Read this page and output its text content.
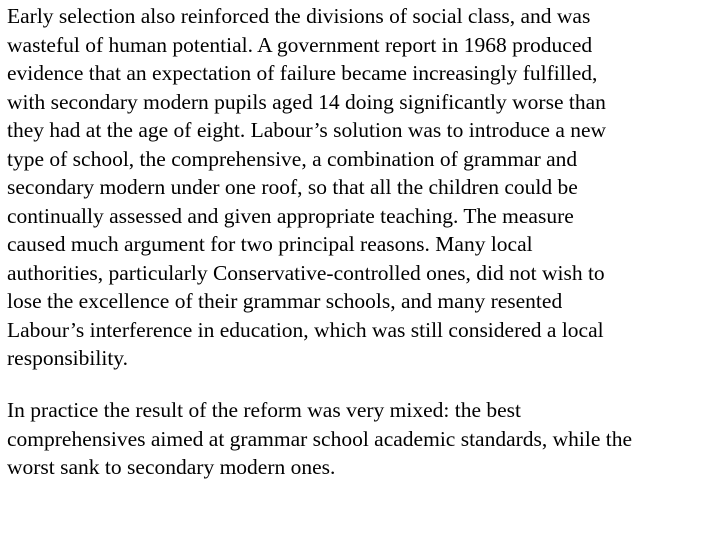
Early selection also reinforced the divisions of social class, and was
wasteful of human potential. A government report in 1968 produced
evidence that an expectation of failure became increasingly fulfilled,
with secondary modern pupils aged 14 doing significantly worse than
they had at the age of eight. Labour’s solution was to introduce a new
type of school, the comprehensive, a combination of grammar and
secondary modern under one roof, so that all the children could be
continually assessed and given appropriate teaching. The measure
caused much argument for two principal reasons. Many local
authorities, particularly Conservative-controlled ones, did not wish to
lose the excellence of their grammar schools, and many resented
Labour’s interference in education, which was still considered a local
responsibility.

In practice the result of the reform was very mixed: the best
comprehensives aimed at grammar school academic standards, while the
worst sank to secondary modern ones.
